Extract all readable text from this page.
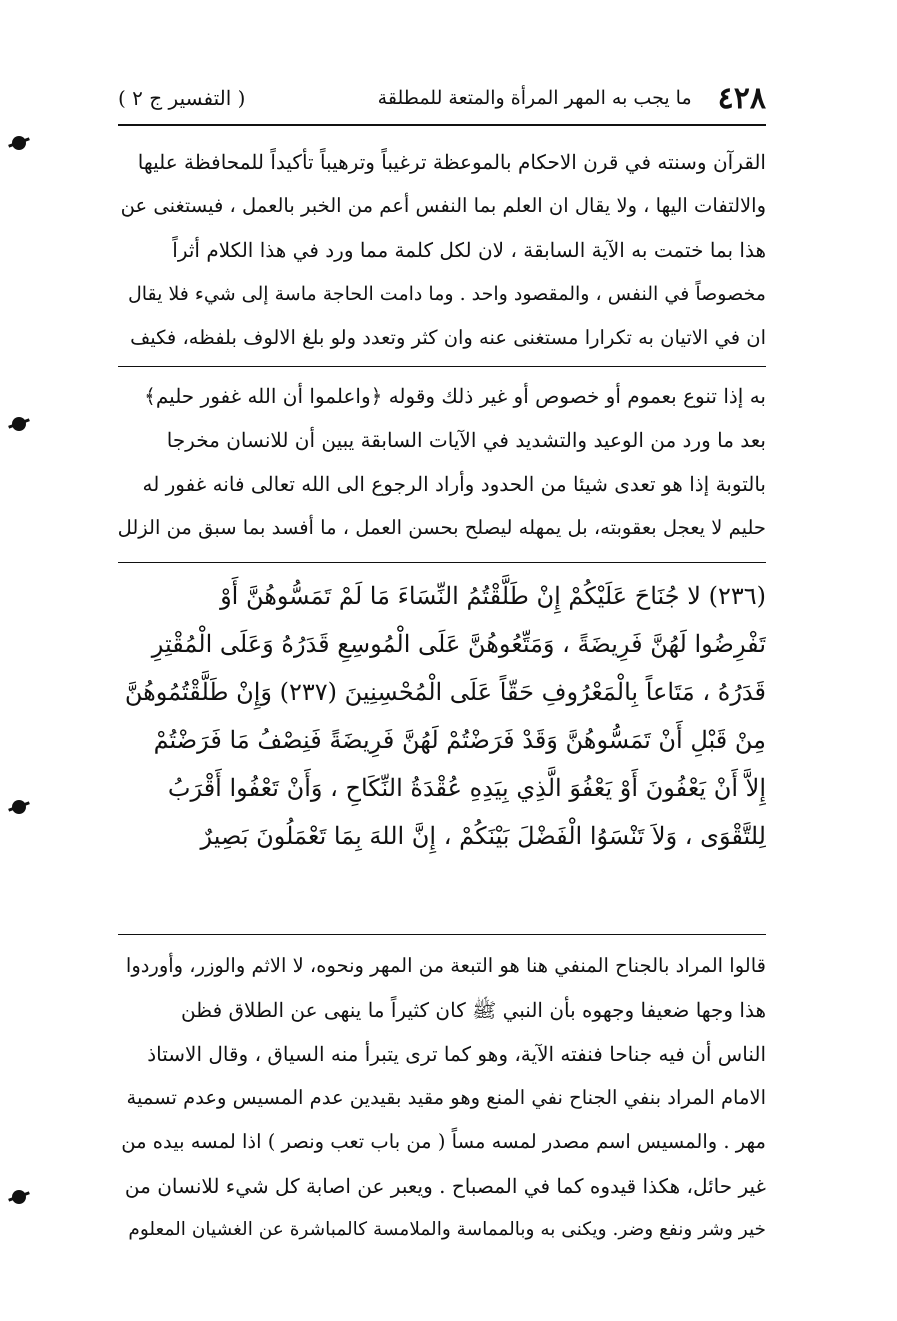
٤٢٨
ما يجب به المهر المرأة والمتعة للمطلقة
( التفسير ج ٢ )
القرآن وسنته في قرن الاحكام بالموعظة ترغيباً وترهيباً تأكيداً للمحافظة عليها
والالتفات اليها ، ولا يقال ان العلم بما النفس أعم من الخبر بالعمل ، فيستغنى عن
هذا بما ختمت به الآية السابقة ، لان لكل كلمة مما ورد في هذا الكلام أثراً
مخصوصاً في النفس ، والمقصود واحد . وما دامت الحاجة ماسة إلى شيء فلا يقال
ان في الاتيان به تكرارا مستغنى عنه وان كثر وتعدد ولو بلغ الالوف بلفظه، فكيف
به إذا تنوع بعموم أو خصوص أو غير ذلك وقوله ﴿واعلموا أن الله غفور حليم﴾
بعد ما ورد من الوعيد والتشديد في الآيات السابقة يبين أن للانسان مخرجا
بالتوبة إذا هو تعدى شيئا من الحدود وأراد الرجوع الى الله تعالى فانه غفور له
حليم لا يعجل بعقوبته، بل يمهله ليصلح بحسن العمل ، ما أفسد بما سبق من الزلل
(٢٣٦) لا جُنَاحَ عَلَيْكُمْ إِنْ طَلَّقْتُمُ النِّسَاءَ مَا لَمْ تَمَسُّوهُنَّ أَوْ
تَفْرِضُوا لَهُنَّ فَرِيضَةً ، وَمَتِّعُوهُنَّ عَلَى الْمُوسِعِ قَدَرُهُ وَعَلَى الْمُقْتِرِ
قَدَرُهُ ، مَتَاعاً بِالْمَعْرُوفِ حَقّاً عَلَى الْمُحْسِنِينَ (٢٣٧) وَإِنْ طَلَّقْتُمُوهُنَّ
مِنْ قَبْلِ أَنْ تَمَسُّوهُنَّ وَقَدْ فَرَضْتُمْ لَهُنَّ فَرِيضَةً فَنِصْفُ مَا فَرَضْتُمْ
إِلاَّ أَنْ يَعْفُونَ أَوْ يَعْفُوَ الَّذِي بِيَدِهِ عُقْدَةُ النِّكَاحِ ، وَأَنْ تَعْفُوا أَقْرَبُ
لِلتَّقْوَى ، وَلاَ تَنْسَوُا الْفَضْلَ بَيْنَكُمْ ، إِنَّ اللهَ بِمَا تَعْمَلُونَ بَصِيرٌ
قالوا المراد بالجناح المنفي هنا هو التبعة من المهر ونحوه، لا الاثم والوزر، وأوردوا
هذا وجها ضعيفا وجهوه بأن النبي ﷺ كان كثيراً ما ينهى عن الطلاق فظن
الناس أن فيه جناحا فنفته الآية، وهو كما ترى يتبرأ منه السياق ، وقال الاستاذ
الامام المراد بنفي الجناح نفي المنع وهو مقيد بقيدين عدم المسيس وعدم تسمية
مهر . والمسيس اسم مصدر لمسه مساً ( من باب تعب ونصر ) اذا لمسه بيده من
غير حائل، هكذا قيدوه كما في المصباح . ويعبر عن اصابة كل شيء للانسان من
خير وشر ونفع وضر. ويكنى به وبالمماسة والملامسة كالمباشرة عن الغشيان المعلوم
